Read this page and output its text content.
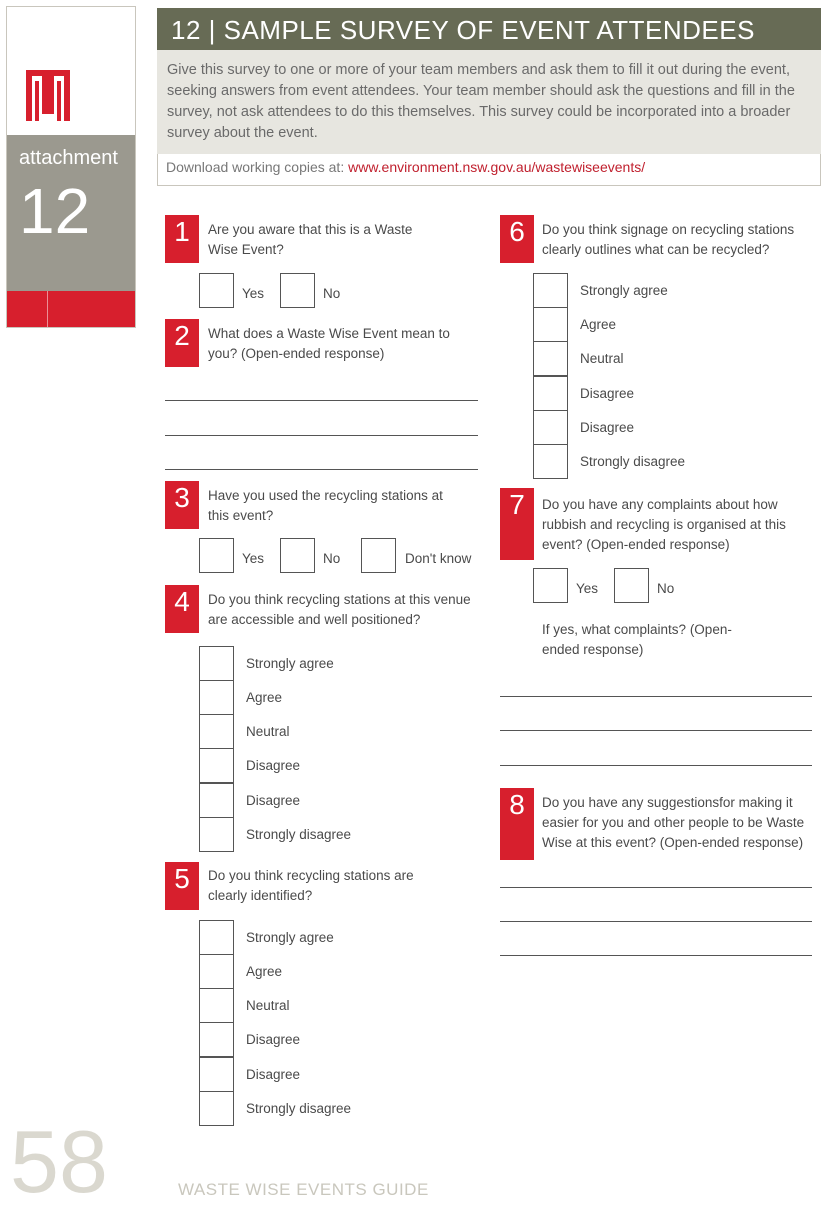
attachment
12
12 | SAMPLE SURVEY OF EVENT ATTENDEES
Give this survey to one or more of your team members and ask them to fill it out during the event, seeking answers from event attendees. Your team member should ask the questions and fill in the survey, not ask attendees to do this themselves. This survey could be incorporated into a broader survey about the event.
Download working copies at: www.environment.nsw.gov.au/wastewiseevents/
1	Are you aware that this is a Waste Wise Event?
Yes	No
2	What does a Waste Wise Event mean to you? (Open-ended response)
3	Have you used the recycling stations at this event?
Yes	No	Don't know
4	Do you think recycling stations at this venue are accessible and well positioned?
Strongly agree
Agree
Neutral
Disagree
Disagree
Strongly disagree
5	Do you think recycling stations are clearly identified?
Strongly agree
Agree
Neutral
Disagree
Disagree
Strongly disagree
6	Do you think signage on recycling stations clearly outlines what can be recycled?
Strongly agree
Agree
Neutral
Disagree
Disagree
Strongly disagree
7	Do you have any complaints about how rubbish and recycling is organised at this event? (Open-ended response)
Yes	No
If yes, what complaints? (Open-ended response)
8	Do you have any suggestionsfor making it easier for you and other people to be Waste Wise at this event? (Open-ended response)
58	WASTE WISE EVENTS GUIDE
